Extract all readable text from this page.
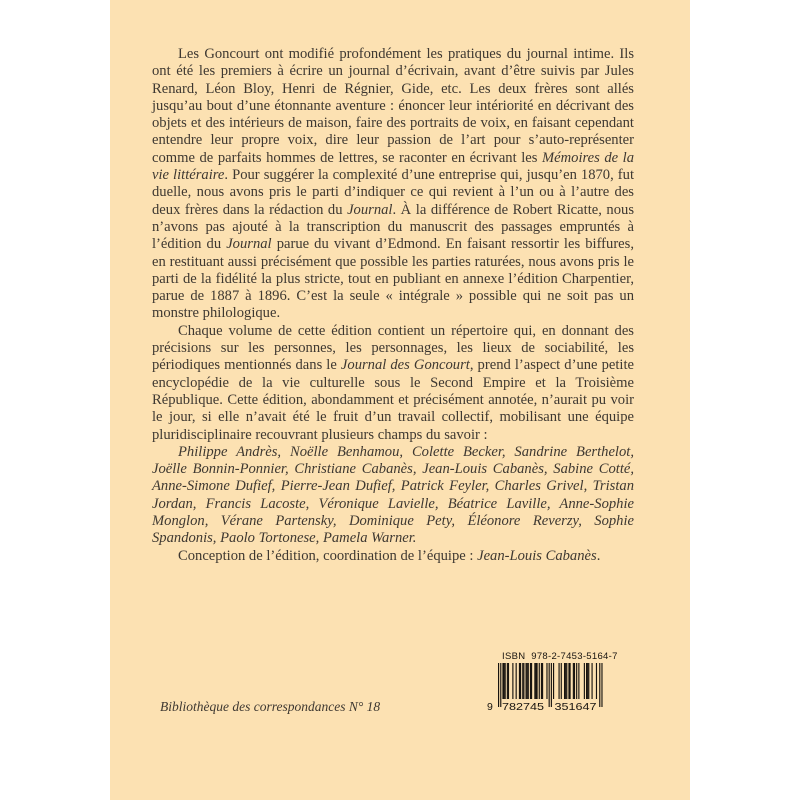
Les Goncourt ont modifié profondément les pratiques du journal intime. Ils ont été les premiers à écrire un journal d’écrivain, avant d’être suivis par Jules Renard, Léon Bloy, Henri de Régnier, Gide, etc. Les deux frères sont allés jusqu’au bout d’une étonnante aventure : énoncer leur intériorité en décrivant des objets et des intérieurs de maison, faire des portraits de voix, en faisant cependant entendre leur propre voix, dire leur passion de l’art pour s’auto-représenter comme de parfaits hommes de lettres, se raconter en écrivant les Mémoires de la vie littéraire. Pour suggérer la complexité d’une entreprise qui, jusqu’en 1870, fut duelle, nous avons pris le parti d’indiquer ce qui revient à l’un ou à l’autre des deux frères dans la rédaction du Journal. À la différence de Robert Ricatte, nous n’avons pas ajouté à la transcription du manuscrit des passages empruntés à l’édition du Journal parue du vivant d’Edmond. En faisant ressortir les biffures, en restituant aussi précisément que possible les parties raturées, nous avons pris le parti de la fidélité la plus stricte, tout en publiant en annexe l’édition Charpentier, parue de 1887 à 1896. C’est la seule « intégrale » possible qui ne soit pas un monstre philologique.

Chaque volume de cette édition contient un répertoire qui, en donnant des précisions sur les personnes, les personnages, les lieux de sociabilité, les périodiques mentionnés dans le Journal des Goncourt, prend l’aspect d’une petite encyclopédie de la vie culturelle sous le Second Empire et la Troisième République. Cette édition, abondamment et précisément annotée, n’aurait pu voir le jour, si elle n’avait été le fruit d’un travail collectif, mobilisant une équipe pluridisciplinaire recouvrant plusieurs champs du savoir :

Philippe Andrès, Noëlle Benhamou, Colette Becker, Sandrine Berthelot, Joëlle Bonnin-Ponnier, Christiane Cabanès, Jean-Louis Cabanès, Sabine Cotté, Anne-Simone Dufief, Pierre-Jean Dufief, Patrick Feyler, Charles Grivel, Tristan Jordan, Francis Lacoste, Véronique Lavielle, Béatrice Laville, Anne-Sophie Monglon, Vérane Partensky, Dominique Pety, Éléonore Reverzy, Sophie Spandonis, Paolo Tortonese, Pamela Warner.

Conception de l’édition, coordination de l’équipe : Jean-Louis Cabanès.

Bibliothèque des correspondances N° 18
ISBN  978-2-7453-5164-7
9 782745 351647
